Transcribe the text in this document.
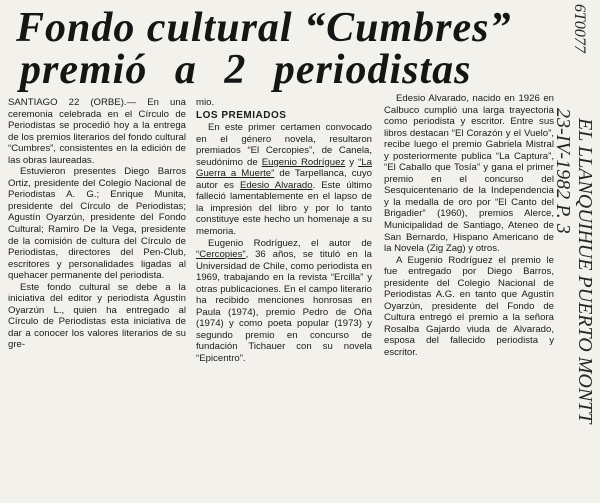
Fondo cultural “Cumbres”
premió a 2 periodistas

SANTIAGO 22 (ORBE).— En una ceremonia celebrada en el Círculo de Periodistas se procedió hoy a la entrega de los premios literarios del fondo cultural “Cumbres”, consistentes en la edición de las obras laureadas.

Estuvieron presentes Diego Barros Ortiz, presidente del Colegio Nacional de Periodistas A. G.; Enrique Munita, presidente del Círculo de Periodistas; Agustín Oyarzún, presidente del Fondo Cultural; Ramiro De la Vega, presidente de la comisión de cultura del Círculo de Periodistas, directores del Pen-Club, escritores y personalidades ligadas al quehacer permanente del periodista.

Este fondo cultural se debe a la iniciativa del editor y periodista Agustín Oyarzún L., quien ha entregado al Círculo de Periodistas esta iniciativa de dar a conocer los valores literarios de su gre-

mio.

LOS PREMIADOS

En este primer certamen convocado en el género novela, resultaron premiados “El Cercopies”, de Canela, seudónimo de Eugenio Rodríguez y “La Guerra a Muerte” de Tarpellanca, cuyo autor es Edesio Alvarado. Este último falleció lamentablemente en el lapso de la impresión del libro y por lo tanto constituye este hecho un homenaje a su memoria.

Eugenio Rodríguez, el autor de “Cercopies”, 36 años, se tituló en la Universidad de Chile, como periodista en 1969, trabajando en la revista “Ercilla” y otras publicaciones. En el campo literario ha recibido menciones honrosas en Paula (1974), premio Pedro de Oña (1974) y como poeta popular (1973) y segundo premio en concurso de fundación Tichauer con su novela “Epicentro”.

Edesio Alvarado, nacido en 1926 en Calbuco cumplió una larga trayectoria como periodista y escritor. Entre sus libros destacan “El Corazón y el Vuelo”, recibe luego el premio Gabriela Mistral y posteriormente publica “La Captura”, “El Caballo que Tosía” y gana el primer premio en el concurso del Sesquicentenario de la Independencia y la medalla de oro por “El Canto del Brigadier” (1960), premios Alerce, Municipalidad de Santiago, Ateneo de San Bernardo, Hispano Americano de la Novela (Zig Zag) y otros.

A Eugenio Rodríguez el premio le fue entregado por Diego Barros, presidente del Colegio Nacional de Periodistas A.G. en tanto que Agustín Oyarzún, presidente del Fondo de Cultura entregó el premio a la señora Rosalba Gajardo viuda de Alvarado, esposa del fallecido periodista y escritor.

6T0077
EL LLANQUIHUE PUERTO MONTT
23-IV-1982 P. 3
